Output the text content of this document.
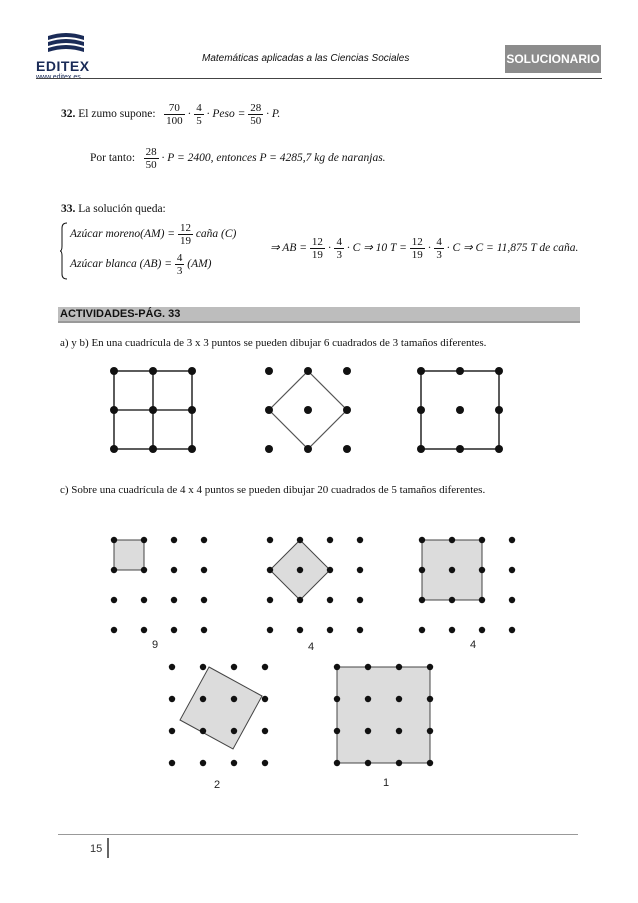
EDITEX	Matemáticas aplicadas a las Ciencias Sociales	SOLUCIONARIO
32. El zumo supone: $\frac{70}{100} \cdot \frac{4}{5}$ · Peso = $\frac{28}{50} \cdot P$.
Por tanto: $\frac{28}{50} \cdot P = 2400$, entonces P = 4285,7 kg de naranjas.
33. La solución queda:
Azúcar moreno(AM) = $\frac{12}{19}$ caña (C)
Azúcar blanca $(AB) = \frac{4}{3} (AM)$
⇒ AB = $\frac{12}{19} \cdot \frac{4}{3} \cdot C$ ⇒ 10 $T = \frac{12}{19} \cdot \frac{4}{3} \cdot C$ ⇒ C = 11,875 T de caña.
ACTIVIDADES-PÁG. 33
a) y b) En una cuadrícula de 3 x 3 puntos se pueden dibujar 6 cuadrados de 3 tamaños diferentes.
c) Sobre una cuadrícula de 4 x 4 puntos se pueden dibujar 20 cuadrados de 5 tamaños diferentes.
9	4	4
2	1
15
